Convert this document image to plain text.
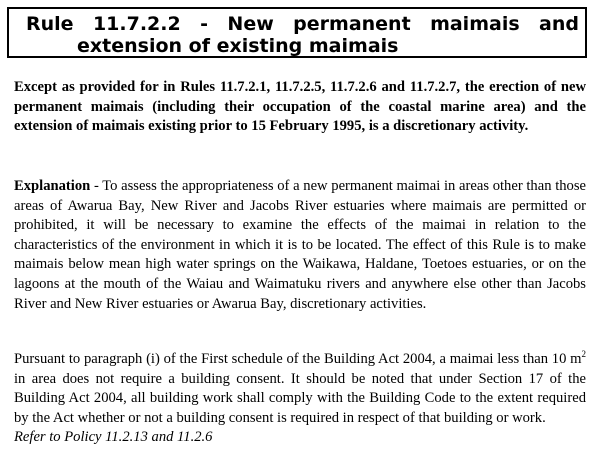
Rule 11.7.2.2 - New permanent maimais and
extension of existing maimais
Except as provided for in Rules 11.7.2.1, 11.7.2.5, 11.7.2.6 and 11.7.2.7, the erection of new permanent maimais (including their occupation of the coastal marine area) and the extension of maimais existing prior to 15 February 1995, is a discretionary activity.
Explanation - To assess the appropriateness of a new permanent maimai in areas other than those areas of Awarua Bay, New River and Jacobs River estuaries where maimais are permitted or prohibited, it will be necessary to examine the effects of the maimai in relation to the characteristics of the environment in which it is to be located. The effect of this Rule is to make maimais below mean high water springs on the Waikawa, Haldane, Toetoes estuaries, or on the lagoons at the mouth of the Waiau and Waimatuku rivers and anywhere else other than Jacobs River and New River estuaries or Awarua Bay, discretionary activities.
Pursuant to paragraph (i) of the First schedule of the Building Act 2004, a maimai less than 10 $m^2$ in area does not require a building consent. It should be noted that under Section 17 of the Building Act 2004, all building work shall comply with the Building Code to the extent required by the Act whether or not a building consent is required in respect of that building or work.
Refer to Policy 11.2.13 and 11.2.6
